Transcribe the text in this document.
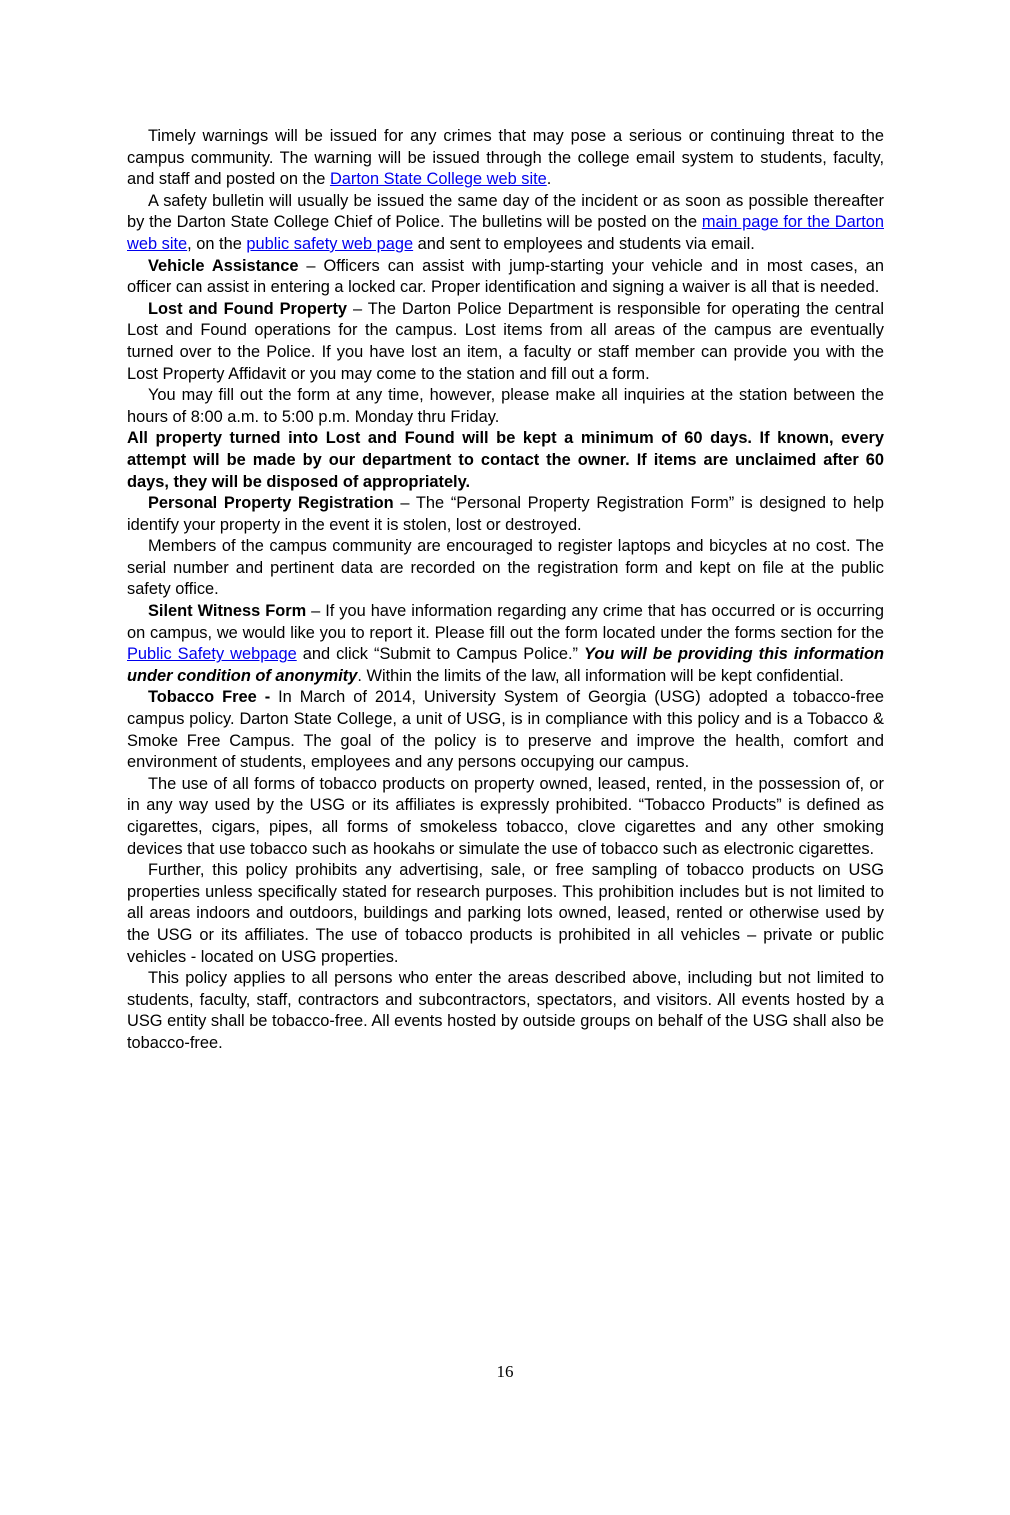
Timely warnings will be issued for any crimes that may pose a serious or continuing threat to the campus community. The warning will be issued through the college email system to students, faculty, and staff and posted on the Darton State College web site.

A safety bulletin will usually be issued the same day of the incident or as soon as possible thereafter by the Darton State College Chief of Police. The bulletins will be posted on the main page for the Darton web site, on the public safety web page and sent to employees and students via email.

Vehicle Assistance – Officers can assist with jump-starting your vehicle and in most cases, an officer can assist in entering a locked car. Proper identification and signing a waiver is all that is needed.

Lost and Found Property – The Darton Police Department is responsible for operating the central Lost and Found operations for the campus. Lost items from all areas of the campus are eventually turned over to the Police. If you have lost an item, a faculty or staff member can provide you with the Lost Property Affidavit or you may come to the station and fill out a form.

You may fill out the form at any time, however, please make all inquiries at the station between the hours of 8:00 a.m. to 5:00 p.m. Monday thru Friday.

All property turned into Lost and Found will be kept a minimum of 60 days. If known, every attempt will be made by our department to contact the owner. If items are unclaimed after 60 days, they will be disposed of appropriately.

Personal Property Registration – The “Personal Property Registration Form” is designed to help identify your property in the event it is stolen, lost or destroyed.

Members of the campus community are encouraged to register laptops and bicycles at no cost. The serial number and pertinent data are recorded on the registration form and kept on file at the public safety office.

Silent Witness Form – If you have information regarding any crime that has occurred or is occurring on campus, we would like you to report it. Please fill out the form located under the forms section for the Public Safety webpage and click “Submit to Campus Police.” You will be providing this information under condition of anonymity. Within the limits of the law, all information will be kept confidential.

Tobacco Free - In March of 2014, University System of Georgia (USG) adopted a tobacco-free campus policy. Darton State College, a unit of USG, is in compliance with this policy and is a Tobacco & Smoke Free Campus. The goal of the policy is to preserve and improve the health, comfort and environment of students, employees and any persons occupying our campus.

The use of all forms of tobacco products on property owned, leased, rented, in the possession of, or in any way used by the USG or its affiliates is expressly prohibited. “Tobacco Products” is defined as cigarettes, cigars, pipes, all forms of smokeless tobacco, clove cigarettes and any other smoking devices that use tobacco such as hookahs or simulate the use of tobacco such as electronic cigarettes.

Further, this policy prohibits any advertising, sale, or free sampling of tobacco products on USG properties unless specifically stated for research purposes. This prohibition includes but is not limited to all areas indoors and outdoors, buildings and parking lots owned, leased, rented or otherwise used by the USG or its affiliates. The use of tobacco products is prohibited in all vehicles – private or public vehicles - located on USG properties.

This policy applies to all persons who enter the areas described above, including but not limited to students, faculty, staff, contractors and subcontractors, spectators, and visitors. All events hosted by a USG entity shall be tobacco-free. All events hosted by outside groups on behalf of the USG shall also be tobacco-free.

16
